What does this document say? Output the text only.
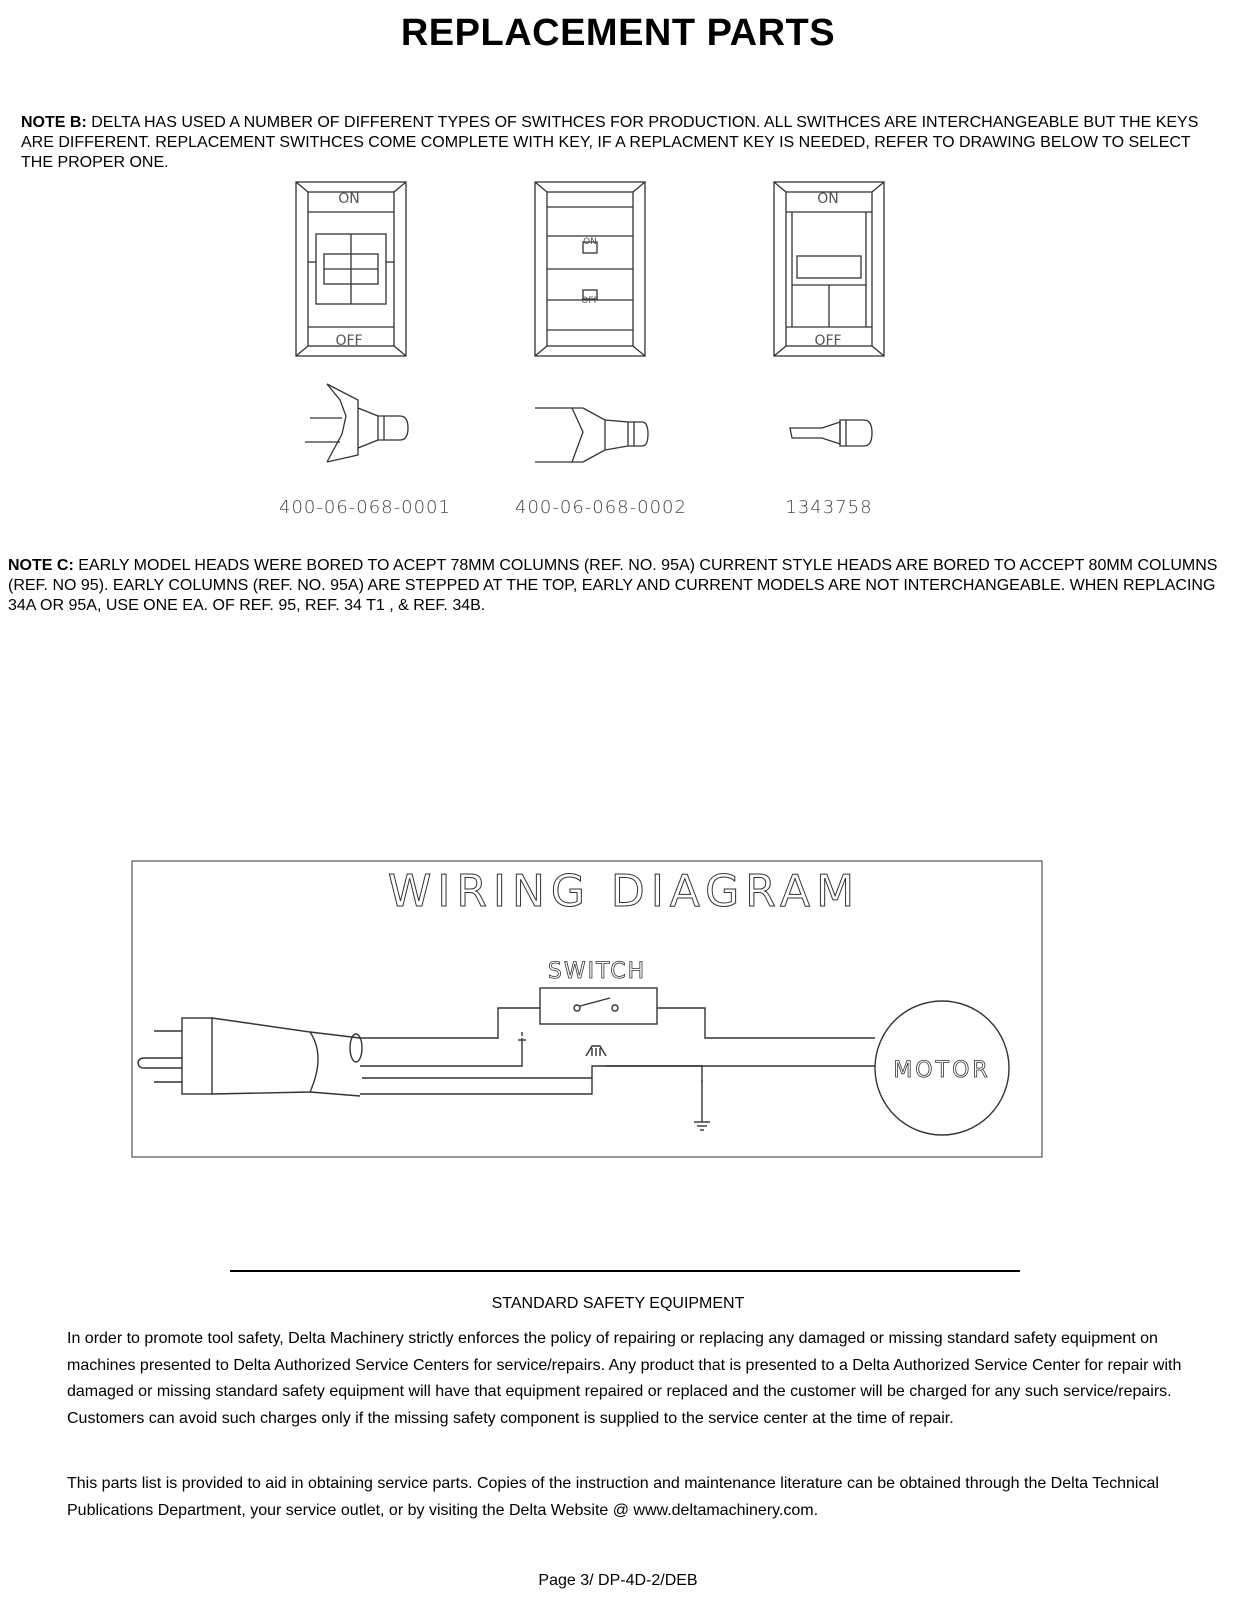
REPLACEMENT PARTS
NOTE B: DELTA HAS USED A NUMBER OF DIFFERENT TYPES OF SWITHCES FOR PRODUCTION. ALL SWITHCES ARE INTERCHANGEABLE BUT THE KEYS ARE DIFFERENT. REPLACEMENT SWITHCES COME COMPLETE WITH KEY, IF A REPLACMENT KEY IS NEEDED, REFER TO DRAWING BELOW TO SELECT THE PROPER ONE.
ON
OFF
ON
OFF
ON
OFF
400-06-068-0001	400-06-068-0002	1343758
NOTE C: EARLY MODEL HEADS WERE BORED TO ACEPT 78MM COLUMNS (REF. NO. 95A) CURRENT STYLE HEADS ARE BORED TO ACCEPT 80MM COLUMNS (REF. NO 95). EARLY COLUMNS (REF. NO. 95A) ARE STEPPED AT THE TOP, EARLY AND CURRENT MODELS ARE NOT INTERCHANGEABLE. WHEN REPLACING 34A OR 95A, USE ONE EA. OF REF. 95, REF. 34 T1 , & REF. 34B.
WIRING DIAGRAM
SWITCH
MOTOR
STANDARD SAFETY EQUIPMENT
In order to promote tool safety, Delta Machinery strictly enforces the policy of repairing or replacing any damaged or missing standard safety equipment on machines presented to Delta Authorized Service Centers for service/repairs. Any product that is presented to a Delta Authorized Service Center for repair with damaged or missing standard safety equipment will have that equipment repaired or replaced and the customer will be charged for any such service/repairs. Customers can avoid such charges only if the missing safety component is supplied to the service center at the time of repair.
This parts list is provided to aid in obtaining service parts. Copies of the instruction and maintenance literature can be obtained through the Delta Technical Publications Department, your service outlet, or by visiting the Delta Website @ www.deltamachinery.com.
Page 3/ DP-4D-2/DEB
